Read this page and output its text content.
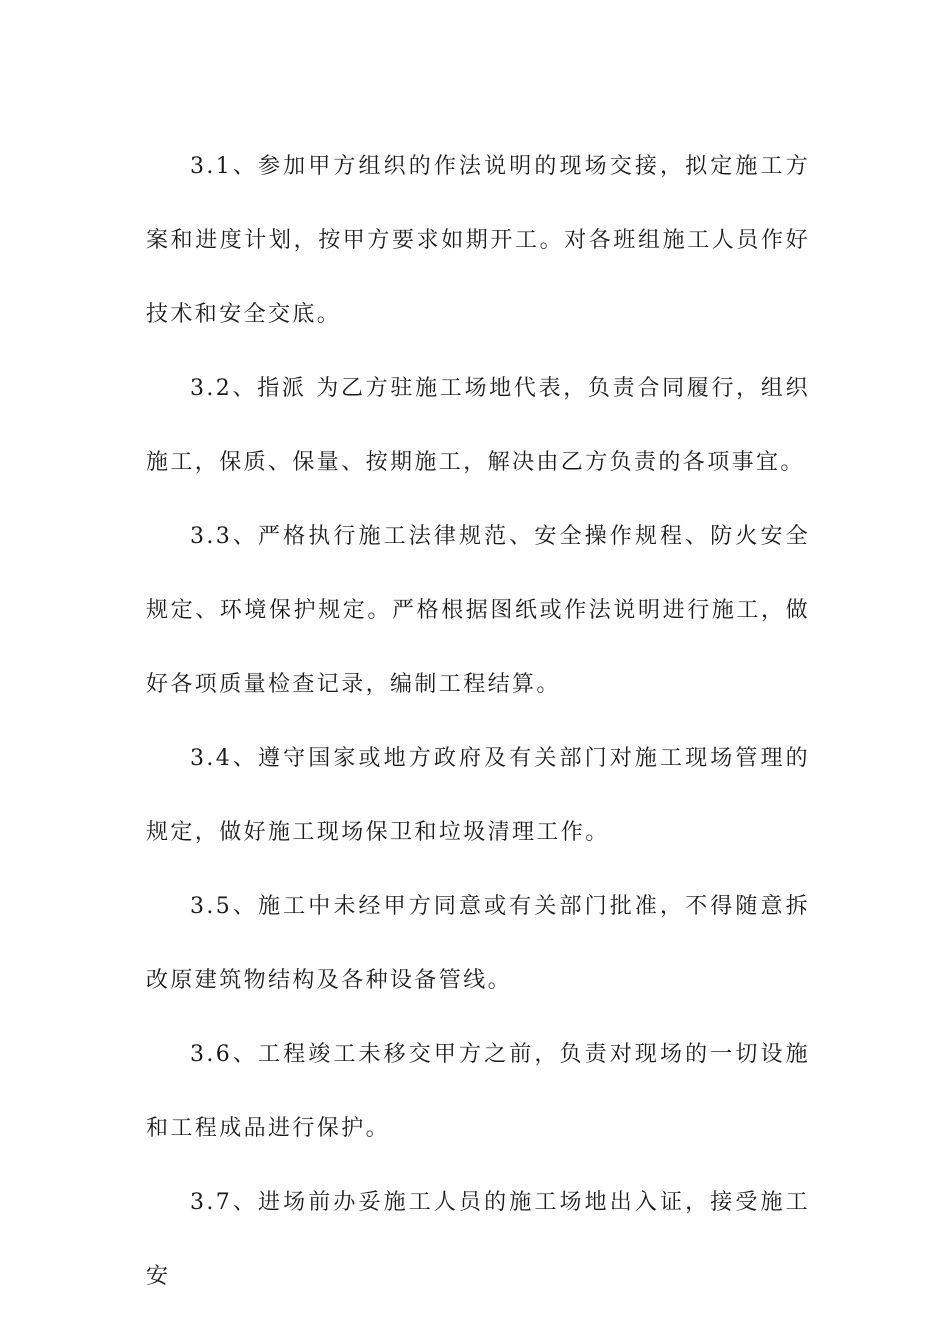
3.1、参加甲方组织的作法说明的现场交接，拟定施工方案和进度计划，按甲方要求如期开工。对各班组施工人员作好技术和安全交底。

3.2、指派 为乙方驻施工场地代表，负责合同履行，组织施工，保质、保量、按期施工，解决由乙方负责的各项事宜。

3.3、严格执行施工法律规范、安全操作规程、防火安全规定、环境保护规定。严格根据图纸或作法说明进行施工，做好各项质量检查记录，编制工程结算。

3.4、遵守国家或地方政府及有关部门对施工现场管理的规定，做好施工现场保卫和垃圾清理工作。

3.5、施工中未经甲方同意或有关部门批准，不得随意拆改原建筑物结构及各种设备管线。

3.6、工程竣工未移交甲方之前，负责对现场的一切设施和工程成品进行保护。

3.7、进场前办妥施工人员的施工场地出入证，接受施工安
